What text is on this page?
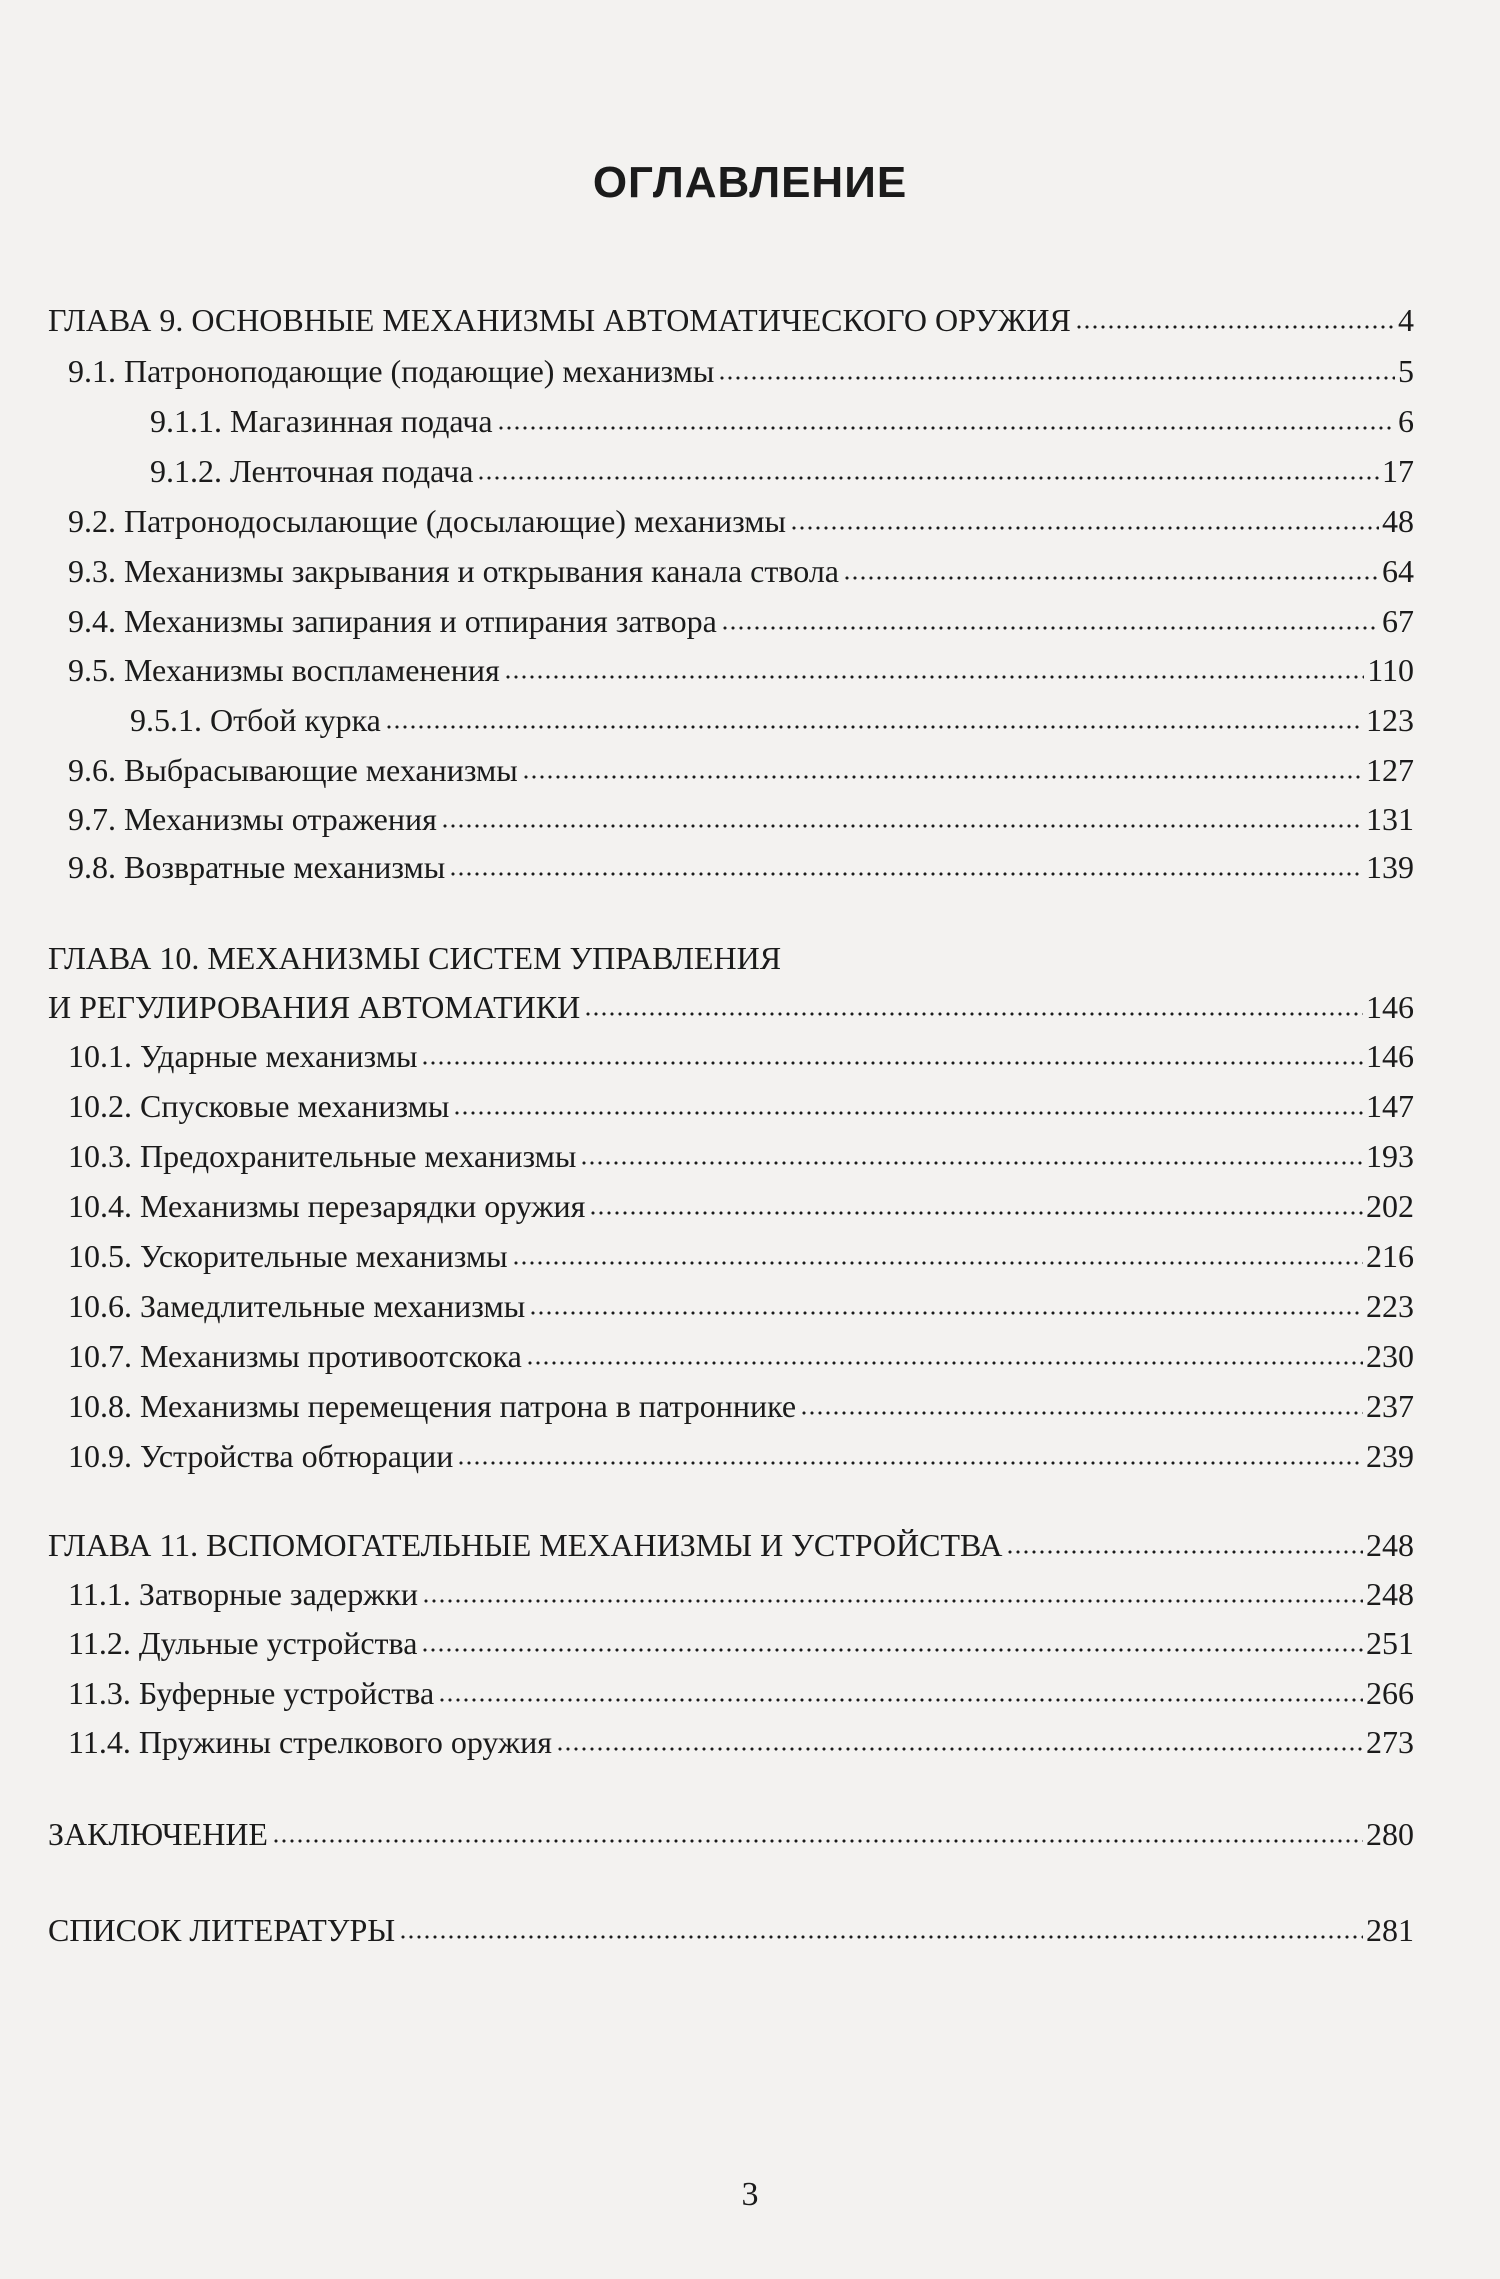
ОГЛАВЛЕНИЕ
ГЛАВА 9. ОСНОВНЫЕ МЕХАНИЗМЫ АВТОМАТИЧЕСКОГО ОРУЖИЯ	4
9.1. Патроноподающие (подающие) механизмы	5
9.1.1. Магазинная подача	6
9.1.2. Ленточная подача	17
9.2. Патронодосылающие (досылающие) механизмы	48
9.3. Механизмы закрывания и открывания канала ствола	64
9.4. Механизмы запирания и отпирания затвора	67
9.5. Механизмы воспламенения	110
9.5.1. Отбой курка	123
9.6. Выбрасывающие механизмы	127
9.7. Механизмы отражения	131
9.8. Возвратные механизмы	139
ГЛАВА 10. МЕХАНИЗМЫ СИСТЕМ УПРАВЛЕНИЯ
И РЕГУЛИРОВАНИЯ АВТОМАТИКИ	146
10.1. Ударные механизмы	146
10.2. Спусковые механизмы	147
10.3. Предохранительные механизмы	193
10.4. Механизмы перезарядки оружия	202
10.5. Ускорительные механизмы	216
10.6. Замедлительные механизмы	223
10.7. Механизмы противоотскока	230
10.8. Механизмы перемещения патрона в патроннике	237
10.9. Устройства обтюрации	239
ГЛАВА 11. ВСПОМОГАТЕЛЬНЫЕ МЕХАНИЗМЫ И УСТРОЙСТВА	248
11.1. Затворные задержки	248
11.2. Дульные устройства	251
11.3. Буферные устройства	266
11.4. Пружины стрелкового оружия	273
ЗАКЛЮЧЕНИЕ	280
СПИСОК ЛИТЕРАТУРЫ	281
3
